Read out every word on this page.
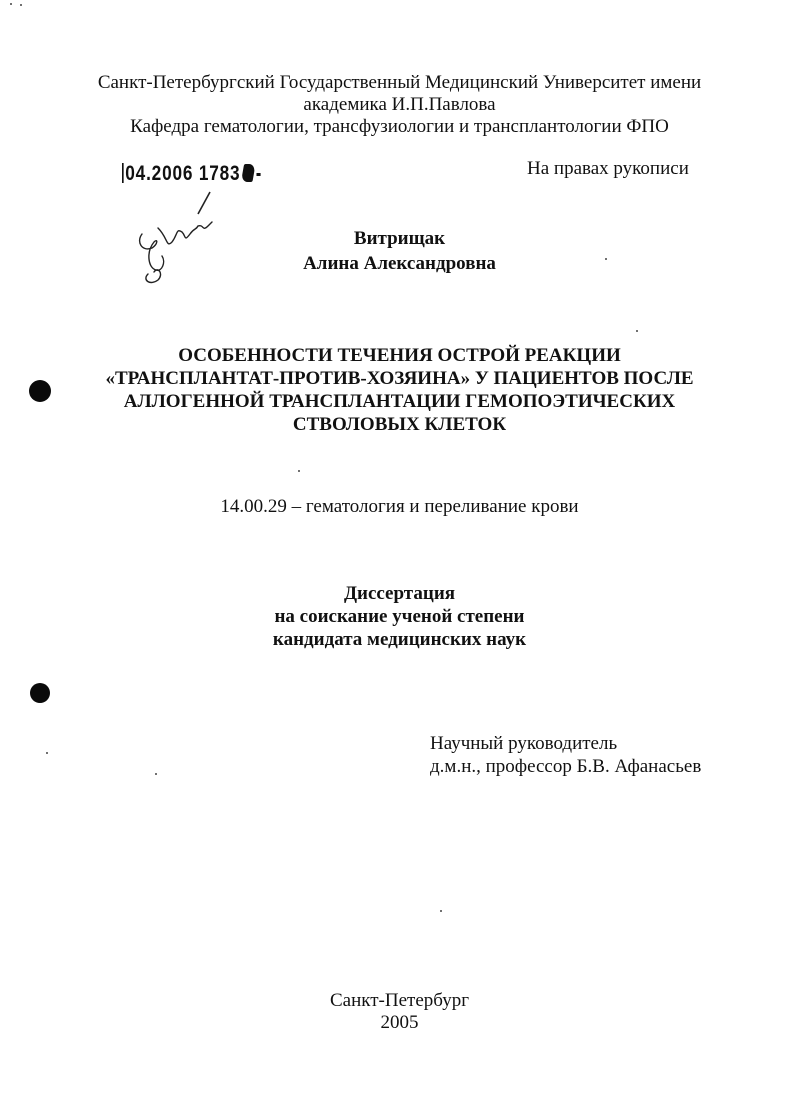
Санкт-Петербургский Государственный Медицинский Университет имени
академика И.П.Павлова
Кафедра гематологии, трансфузиологии и трансплантологии ФПО
04.2006 1783	На правах рукописи
Витрищак
Алина Александровна
ОСОБЕННОСТИ ТЕЧЕНИЯ ОСТРОЙ РЕАКЦИИ
«ТРАНСПЛАНТАТ-ПРОТИВ-ХОЗЯИНА» У ПАЦИЕНТОВ ПОСЛЕ
АЛЛОГЕННОЙ ТРАНСПЛАНТАЦИИ ГЕМОПОЭТИЧЕСКИХ
СТВОЛОВЫХ КЛЕТОК
14.00.29 – гематология и переливание крови
Диссертация
на соискание ученой степени
кандидата медицинских наук
Научный руководитель
д.м.н., профессор Б.В. Афанасьев
Санкт-Петербург
2005
